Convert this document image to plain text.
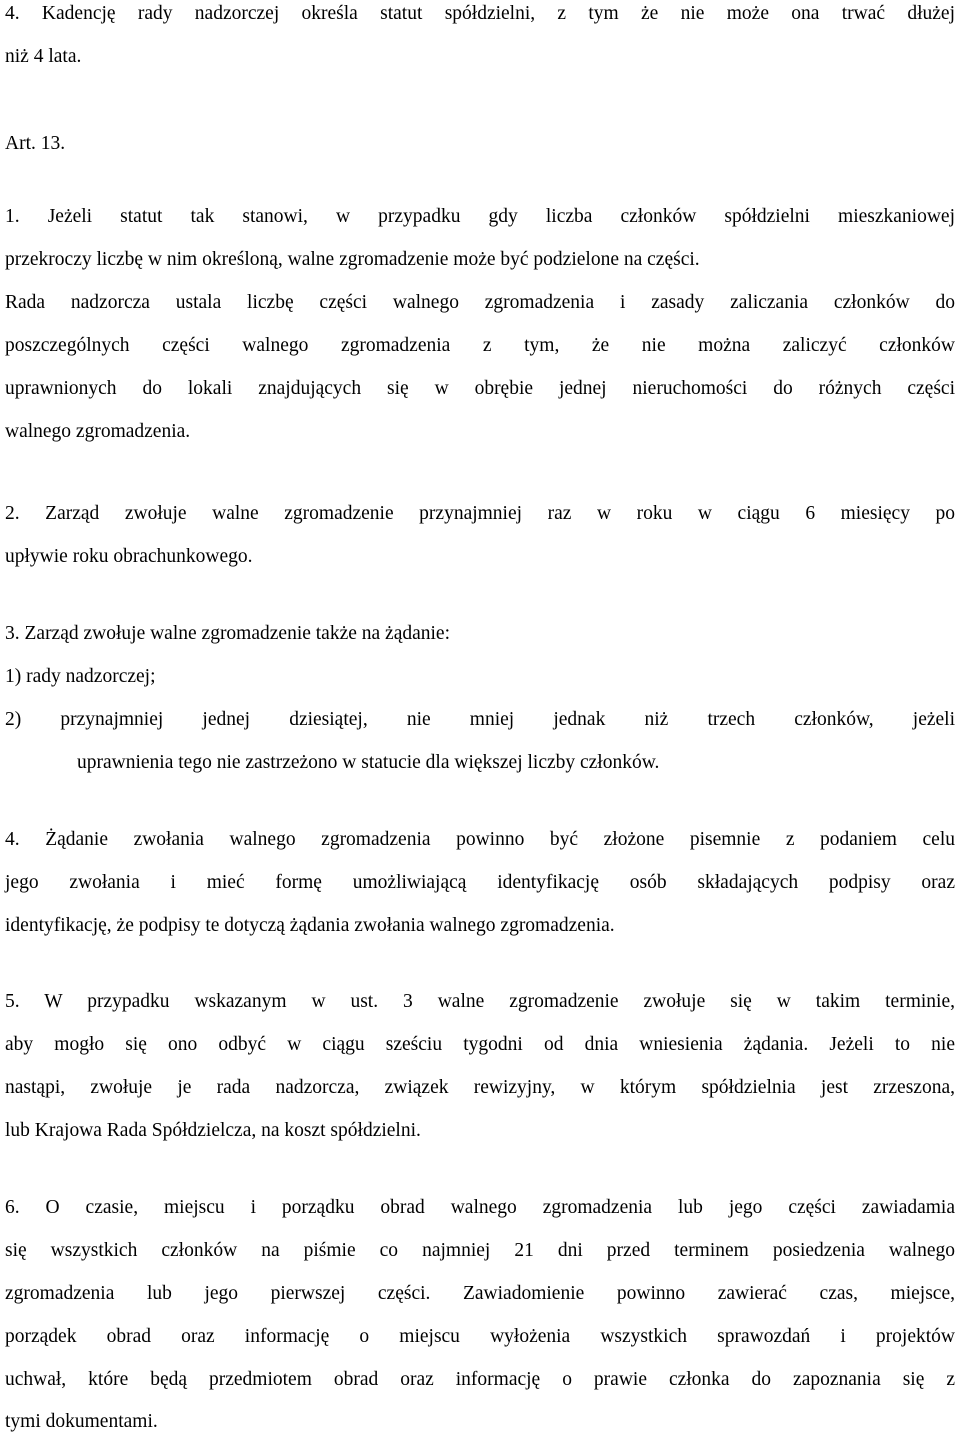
4. Kadencję rady nadzorczej określa statut spółdzielni, z tym że nie może ona trwać dłużej
niż 4 lata.
Art. 13.
1. Jeżeli statut tak stanowi, w przypadku gdy liczba członków spółdzielni mieszkaniowej
przekroczy liczbę w nim określoną, walne zgromadzenie może być podzielone na części.
Rada nadzorcza ustala liczbę części walnego zgromadzenia i zasady zaliczania członków do
poszczególnych części walnego zgromadzenia z tym, że nie można zaliczyć członków
uprawnionych do lokali znajdujących się w obrębie jednej nieruchomości do różnych części
walnego zgromadzenia.
2. Zarząd zwołuje walne zgromadzenie przynajmniej raz w roku w ciągu 6 miesięcy po
upływie roku obrachunkowego.
3. Zarząd zwołuje walne zgromadzenie także na żądanie:
1) rady nadzorczej;
2) przynajmniej jednej dziesiątej, nie mniej jednak niż trzech członków, jeżeli
uprawnienia tego nie zastrzeżono w statucie dla większej liczby członków.
4. Żądanie zwołania walnego zgromadzenia powinno być złożone pisemnie z podaniem celu
jego zwołania i mieć formę umożliwiającą identyfikację osób składających podpisy oraz
identyfikację, że podpisy te dotyczą żądania zwołania walnego zgromadzenia.
5. W przypadku wskazanym w ust. 3 walne zgromadzenie zwołuje się w takim terminie,
aby mogło się ono odbyć w ciągu sześciu tygodni od dnia wniesienia żądania. Jeżeli to nie
nastąpi, zwołuje je rada nadzorcza, związek rewizyjny, w którym spółdzielnia jest zrzeszona,
lub Krajowa Rada Spółdzielcza, na koszt spółdzielni.
6. O czasie, miejscu i porządku obrad walnego zgromadzenia lub jego części zawiadamia
się wszystkich członków na piśmie co najmniej 21 dni przed terminem posiedzenia walnego
zgromadzenia lub jego pierwszej części. Zawiadomienie powinno zawierać czas, miejsce,
porządek obrad oraz informację o miejscu wyłożenia wszystkich sprawozdań i projektów
uchwał, które będą przedmiotem obrad oraz informację o prawie członka do zapoznania się z
tymi dokumentami.
